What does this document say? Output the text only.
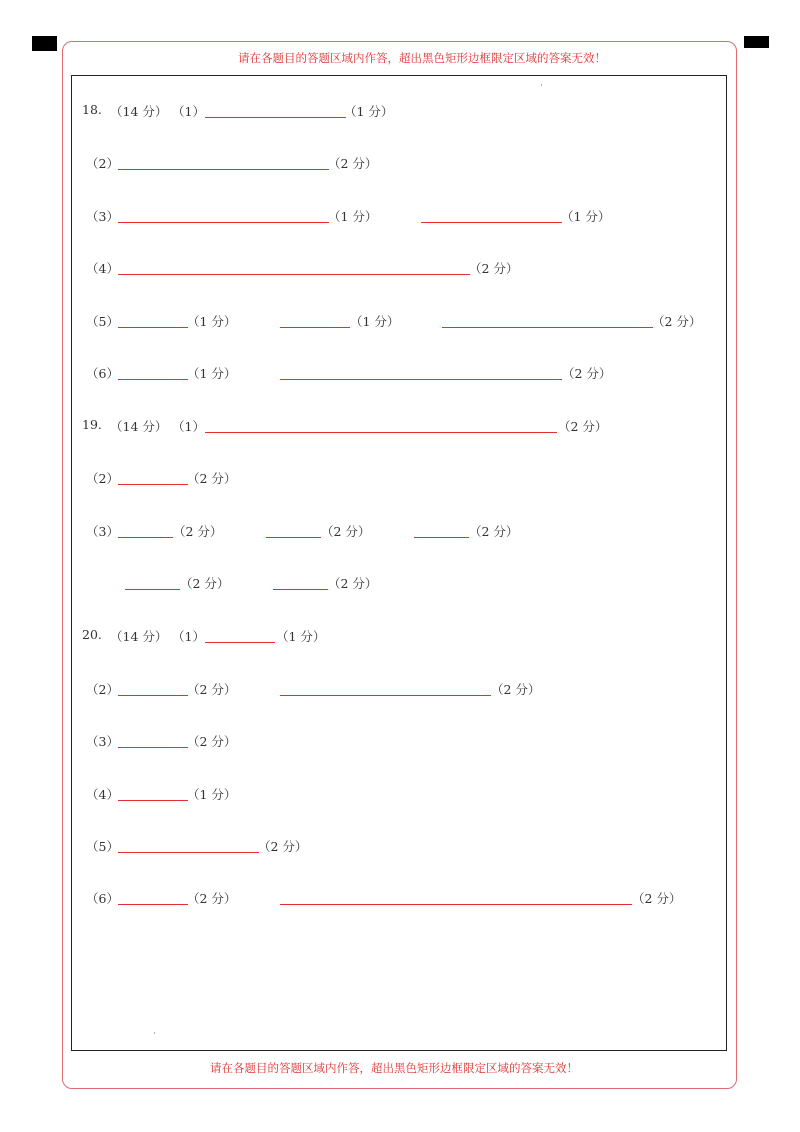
请在各题目的答题区域内作答，超出黑色矩形边框限定区域的答案无效！
请在各题目的答题区域内作答，超出黑色矩形边框限定区域的答案无效！
18. （14 分） （1）	（1 分）
（2）	（2 分）
（3）	（1 分）	（1 分）
（4）	（2 分）
（5）	（1 分）	（1 分）	（2 分）
（6）	（1 分）	（2 分）
19. （14 分） （1）	（2 分）
（2）	（2 分）
（3）	（2 分）	（2 分）	（2 分）
（2 分）	（2 分）
20. （14 分） （1）	（1 分）
（2）	（2 分）	（2 分）
（3）	（2 分）
（4）	（1 分）
（5）	（2 分）
（6）	（2 分）	（2 分）
